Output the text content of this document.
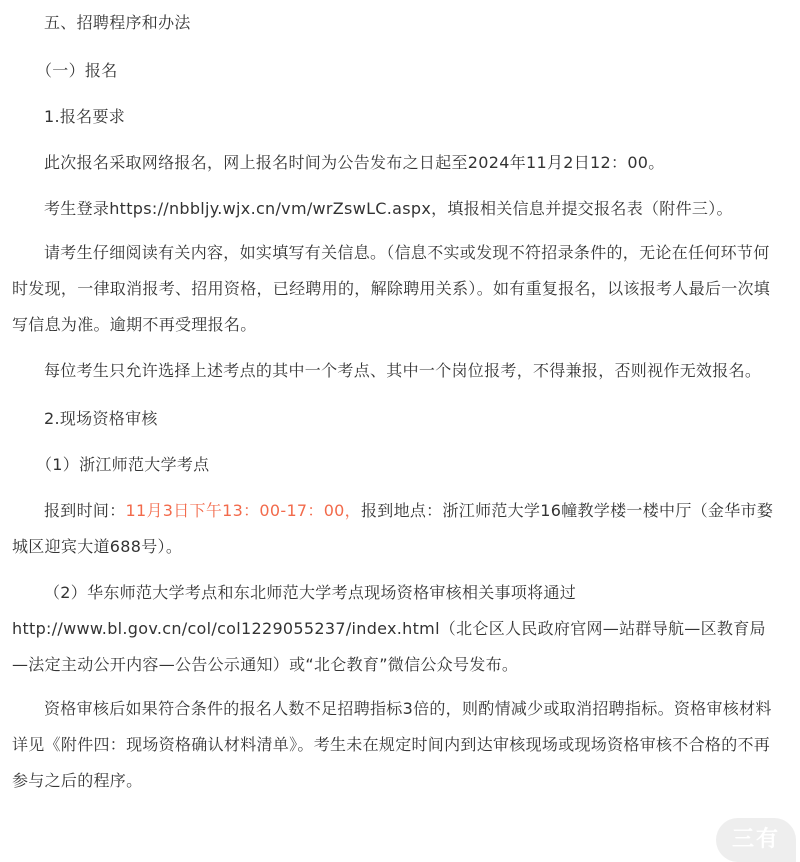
五、招聘程序和办法

（一）报名

1.报名要求

此次报名采取网络报名，网上报名时间为公告发布之日起至2024年11月2日12：00。

考生登录https://nbbljy.wjx.cn/vm/wrZswLC.aspx，填报相关信息并提交报名表（附件三）。

请考生仔细阅读有关内容，如实填写有关信息。（信息不实或发现不符招录条件的，无论在任何环节何时发现，一律取消报考、招用资格，已经聘用的，解除聘用关系）。如有重复报名，以该报考人最后一次填写信息为准。逾期不再受理报名。

每位考生只允许选择上述考点的其中一个考点、其中一个岗位报考，不得兼报，否则视作无效报名。

2.现场资格审核

（1）浙江师范大学考点

报到时间：11月3日下午13：00-17：00，报到地点：浙江师范大学16幢教学楼一楼中厅（金华市婺城区迎宾大道688号）。

（2）华东师范大学考点和东北师范大学考点现场资格审核相关事项将通过

http://www.bl.gov.cn/col/col1229055237/index.html（北仑区人民政府官网—站群导航—区教育局—法定主动公开内容—公告公示通知）或“北仑教育”微信公众号发布。

资格审核后如果符合条件的报名人数不足招聘指标3倍的，则酌情减少或取消招聘指标。资格审核材料详见《附件四：现场资格确认材料清单》。考生未在规定时间内到达审核现场或现场资格审核不合格的不再参与之后的程序。

三有
